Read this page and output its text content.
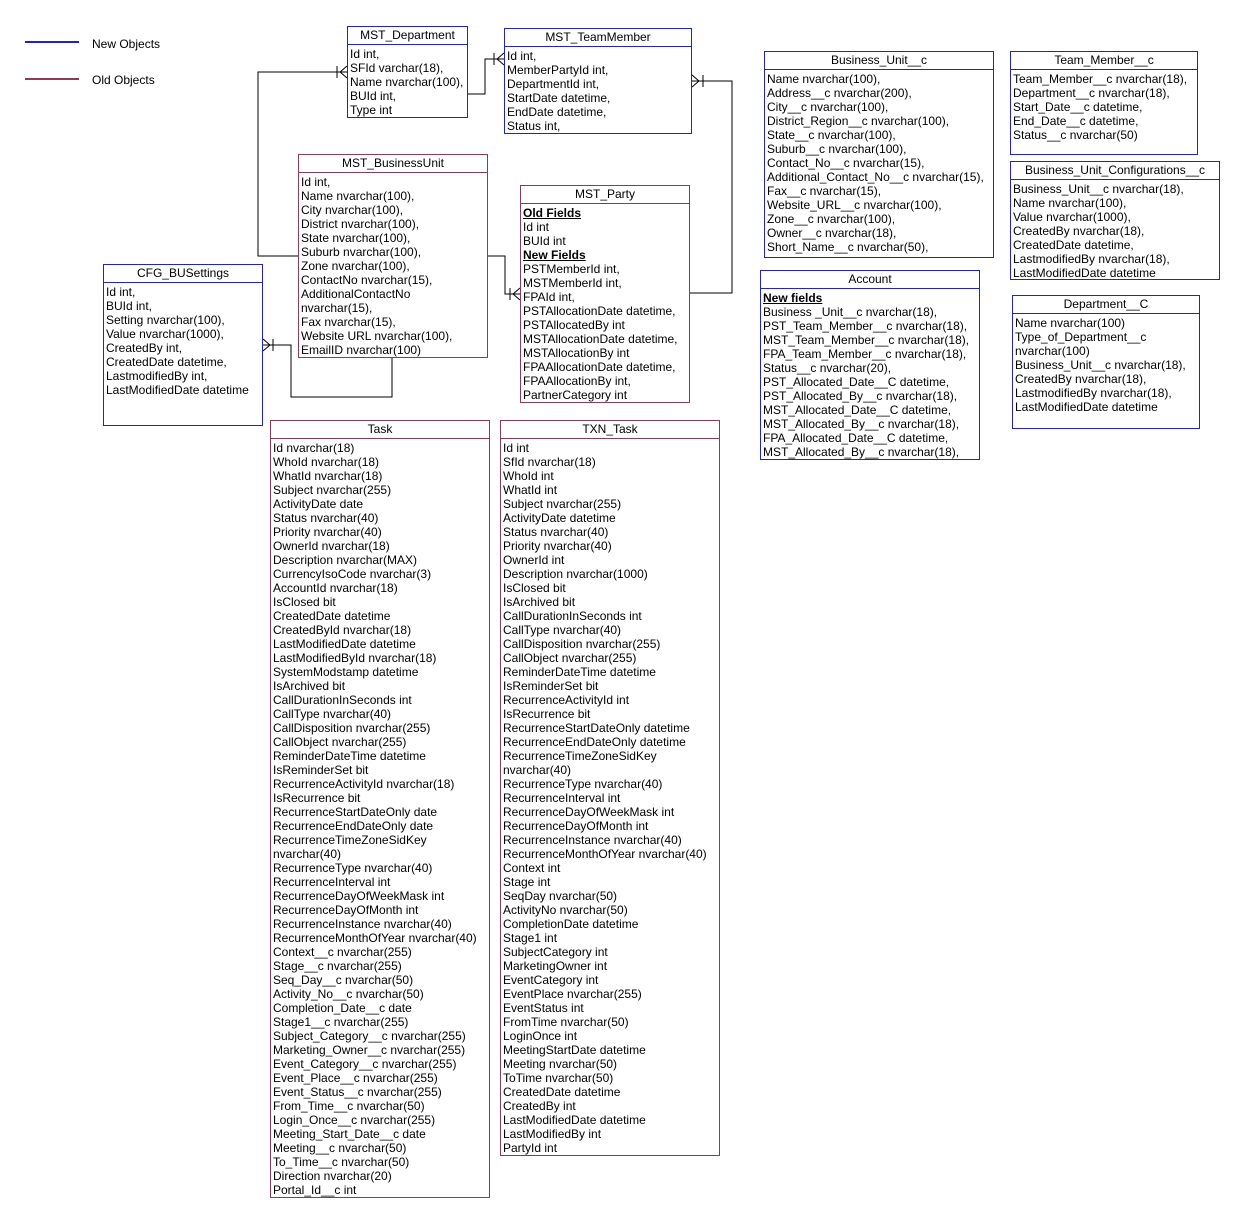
New Objects
Old Objects
MST_Department
Id int,
SFId varchar(18),
Name nvarchar(100),
BUId int,
Type int
MST_TeamMember
Id int,
MemberPartyId int,
DepartmentId int,
StartDate datetime,
EndDate datetime,
Status int,
MST_BusinessUnit
Id int,
Name nvarchar(100),
City nvarchar(100),
District nvarchar(100),
State nvarchar(100),
Suburb nvarchar(100),
Zone nvarchar(100),
ContactNo nvarchar(15),
AdditionalContactNo
nvarchar(15),
Fax nvarchar(15),
Website URL nvarchar(100),
EmailID nvarchar(100)
MST_Party
Old Fields
Id int
BUId int
New Fields
PSTMemberId int,
MSTMemberId int,
FPAId int,
PSTAllocationDate datetime,
PSTAllocatedBy int
MSTAllocationDate datetime,
MSTAllocationBy int
FPAAllocationDate datetime,
FPAAllocationBy int,
PartnerCategory int
CFG_BUSettings
Id int,
BUId int,
Setting nvarchar(100),
Value nvarchar(1000),
CreatedBy int,
CreatedDate datetime,
LastmodifiedBy int,
LastModifiedDate datetime
Business_Unit__c
Name nvarchar(100),
Address__c nvarchar(200),
City__c nvarchar(100),
District_Region__c nvarchar(100),
State__c nvarchar(100),
Suburb__c nvarchar(100),
Contact_No__c nvarchar(15),
Additional_Contact_No__c nvarchar(15),
Fax__c nvarchar(15),
Website_URL__c nvarchar(100),
Zone__c nvarchar(100),
Owner__c nvarchar(18),
Short_Name__c nvarchar(50),
Team_Member__c
Team_Member__c nvarchar(18),
Department__c nvarchar(18),
Start_Date__c datetime,
End_Date__c datetime,
Status__c nvarchar(50)
Business_Unit_Configurations__c
Business_Unit__c nvarchar(18),
Name nvarchar(100),
Value nvarchar(1000),
CreatedBy nvarchar(18),
CreatedDate datetime,
LastmodifiedBy nvarchar(18),
LastModifiedDate datetime
Account
New fields
Business _Unit__c nvarchar(18),
PST_Team_Member__c nvarchar(18),
MST_Team_Member__c nvarchar(18),
FPA_Team_Member__c nvarchar(18),
Status__c nvarchar(20),
PST_Allocated_Date__C datetime,
PST_Allocated_By__c nvarchar(18),
MST_Allocated_Date__C datetime,
MST_Allocated_By__c nvarchar(18),
FPA_Allocated_Date__C datetime,
MST_Allocated_By__c nvarchar(18),
Department__C
Name nvarchar(100)
Type_of_Department__c
nvarchar(100)
Business_Unit__c nvarchar(18),
CreatedBy nvarchar(18),
LastmodifiedBy nvarchar(18),
LastModifiedDate datetime
Task
Id nvarchar(18)
WhoId nvarchar(18)
WhatId nvarchar(18)
Subject nvarchar(255)
ActivityDate date
Status nvarchar(40)
Priority nvarchar(40)
OwnerId nvarchar(18)
Description nvarchar(MAX)
CurrencyIsoCode nvarchar(3)
AccountId nvarchar(18)
IsClosed bit
CreatedDate datetime
CreatedById nvarchar(18)
LastModifiedDate datetime
LastModifiedById nvarchar(18)
SystemModstamp datetime
IsArchived bit
CallDurationInSeconds int
CallType nvarchar(40)
CallDisposition nvarchar(255)
CallObject nvarchar(255)
ReminderDateTime datetime
IsReminderSet bit
RecurrenceActivityId nvarchar(18)
IsRecurrence bit
RecurrenceStartDateOnly date
RecurrenceEndDateOnly date
RecurrenceTimeZoneSidKey
nvarchar(40)
RecurrenceType nvarchar(40)
RecurrenceInterval int
RecurrenceDayOfWeekMask int
RecurrenceDayOfMonth int
RecurrenceInstance nvarchar(40)
RecurrenceMonthOfYear nvarchar(40)
Context__c nvarchar(255)
Stage__c nvarchar(255)
Seq_Day__c nvarchar(50)
Activity_No__c nvarchar(50)
Completion_Date__c date
Stage1__c nvarchar(255)
Subject_Category__c nvarchar(255)
Marketing_Owner__c nvarchar(255)
Event_Category__c nvarchar(255)
Event_Place__c nvarchar(255)
Event_Status__c nvarchar(255)
From_Time__c nvarchar(50)
Login_Once__c nvarchar(255)
Meeting_Start_Date__c date
Meeting__c nvarchar(50)
To_Time__c nvarchar(50)
Direction nvarchar(20)
Portal_Id__c int
TXN_Task
Id int
SfId nvarchar(18)
WhoId int
WhatId int
Subject nvarchar(255)
ActivityDate datetime
Status nvarchar(40)
Priority nvarchar(40)
OwnerId int
Description nvarchar(1000)
IsClosed bit
IsArchived bit
CallDurationInSeconds int
CallType nvarchar(40)
CallDisposition nvarchar(255)
CallObject nvarchar(255)
ReminderDateTime datetime
IsReminderSet bit
RecurrenceActivityId int
IsRecurrence bit
RecurrenceStartDateOnly datetime
RecurrenceEndDateOnly datetime
RecurrenceTimeZoneSidKey
nvarchar(40)
RecurrenceType nvarchar(40)
RecurrenceInterval int
RecurrenceDayOfWeekMask int
RecurrenceDayOfMonth int
RecurrenceInstance nvarchar(40)
RecurrenceMonthOfYear nvarchar(40)
Context int
Stage int
SeqDay nvarchar(50)
ActivityNo nvarchar(50)
CompletionDate datetime
Stage1 int
SubjectCategory int
MarketingOwner int
EventCategory int
EventPlace nvarchar(255)
EventStatus int
FromTime nvarchar(50)
LoginOnce int
MeetingStartDate datetime
Meeting nvarchar(50)
ToTime nvarchar(50)
CreatedDate datetime
CreatedBy int
LastModifiedDate datetime
LastModifiedBy int
PartyId int
